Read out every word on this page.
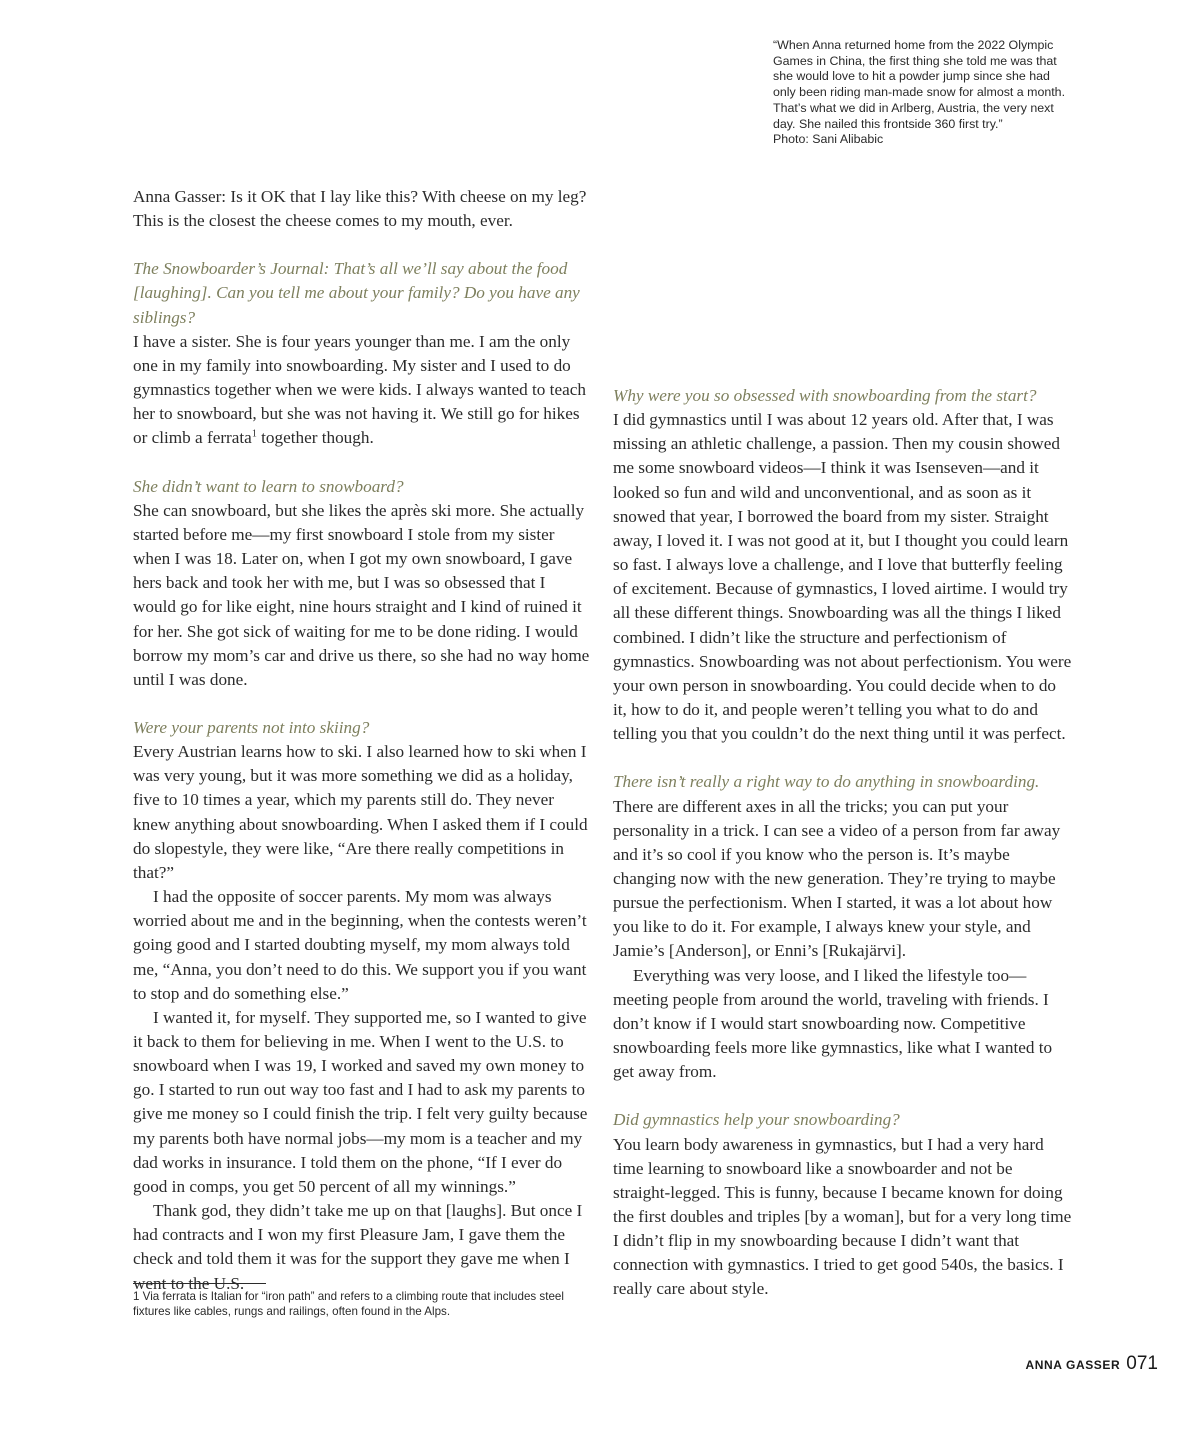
“When Anna returned home from the 2022 Olympic Games in China, the first thing she told me was that she would love to hit a powder jump since she had only been riding man-made snow for almost a month. That’s what we did in Arlberg, Austria, the very next day. She nailed this frontside 360 first try.”

Photo: Sani Alibabic

Anna Gasser: Is it OK that I lay like this? With cheese on my leg? This is the closest the cheese comes to my mouth, ever.

The Snowboarder’s Journal: That’s all we’ll say about the food [laughing]. Can you tell me about your family? Do you have any siblings?

I have a sister. She is four years younger than me. I am the only one in my family into snowboarding. My sister and I used to do gymnastics together when we were kids. I always wanted to teach her to snowboard, but she was not having it. We still go for hikes or climb a ferrata$^1$ together though.

She didn’t want to learn to snowboard?

She can snowboard, but she likes the après ski more. She actually started before me—my first snowboard I stole from my sister when I was 18. Later on, when I got my own snowboard, I gave hers back and took her with me, but I was so obsessed that I would go for like eight, nine hours straight and I kind of ruined it for her. She got sick of waiting for me to be done riding. I would borrow my mom’s car and drive us there, so she had no way home until I was done.

Were your parents not into skiing?

Every Austrian learns how to ski. I also learned how to ski when I was very young, but it was more something we did as a holiday, five to 10 times a year, which my parents still do. They never knew anything about snowboarding. When I asked them if I could do slopestyle, they were like, “Are there really competitions in that?”

I had the opposite of soccer parents. My mom was always worried about me and in the beginning, when the contests weren’t going good and I started doubting myself, my mom always told me, “Anna, you don’t need to do this. We support you if you want to stop and do something else.”

I wanted it, for myself. They supported me, so I wanted to give it back to them for believing in me. When I went to the U.S. to snowboard when I was 19, I worked and saved my own money to go. I started to run out way too fast and I had to ask my parents to give me money so I could finish the trip. I felt very guilty because my parents both have normal jobs—my mom is a teacher and my dad works in insurance. I told them on the phone, “If I ever do good in comps, you get 50 percent of all my winnings.”

Thank god, they didn’t take me up on that [laughs]. But once I had contracts and I won my first Pleasure Jam, I gave them the check and told them it was for the support they gave me when I went to the U.S.

1 Via ferrata is Italian for “iron path” and refers to a climbing route that includes steel fixtures like cables, rungs and railings, often found in the Alps.

Why were you so obsessed with snowboarding from the start?

I did gymnastics until I was about 12 years old. After that, I was missing an athletic challenge, a passion. Then my cousin showed me some snowboard videos—I think it was Isenseven—and it looked so fun and wild and unconventional, and as soon as it snowed that year, I borrowed the board from my sister. Straight away, I loved it. I was not good at it, but I thought you could learn so fast. I always love a challenge, and I love that butterfly feeling of excitement. Because of gymnastics, I loved airtime. I would try all these different things. Snowboarding was all the things I liked combined. I didn’t like the structure and perfectionism of gymnastics. Snowboarding was not about perfectionism. You were your own person in snowboarding. You could decide when to do it, how to do it, and people weren’t telling you what to do and telling you that you couldn’t do the next thing until it was perfect.

There isn’t really a right way to do anything in snowboarding.

There are different axes in all the tricks; you can put your personality in a trick. I can see a video of a person from far away and it’s so cool if you know who the person is. It’s maybe changing now with the new generation. They’re trying to maybe pursue the perfectionism. When I started, it was a lot about how you like to do it. For example, I always knew your style, and Jamie’s [Anderson], or Enni’s [Rukajärvi].

Everything was very loose, and I liked the lifestyle too—meeting people from around the world, traveling with friends. I don’t know if I would start snowboarding now. Competitive snowboarding feels more like gymnastics, like what I wanted to get away from.

Did gymnastics help your snowboarding?

You learn body awareness in gymnastics, but I had a very hard time learning to snowboard like a snowboarder and not be straight-legged. This is funny, because I became known for doing the first doubles and triples [by a woman], but for a very long time I didn’t flip in my snowboarding because I didn’t want that connection with gymnastics. I tried to get good 540s, the basics. I really care about style.

ANNA GASSER 071
